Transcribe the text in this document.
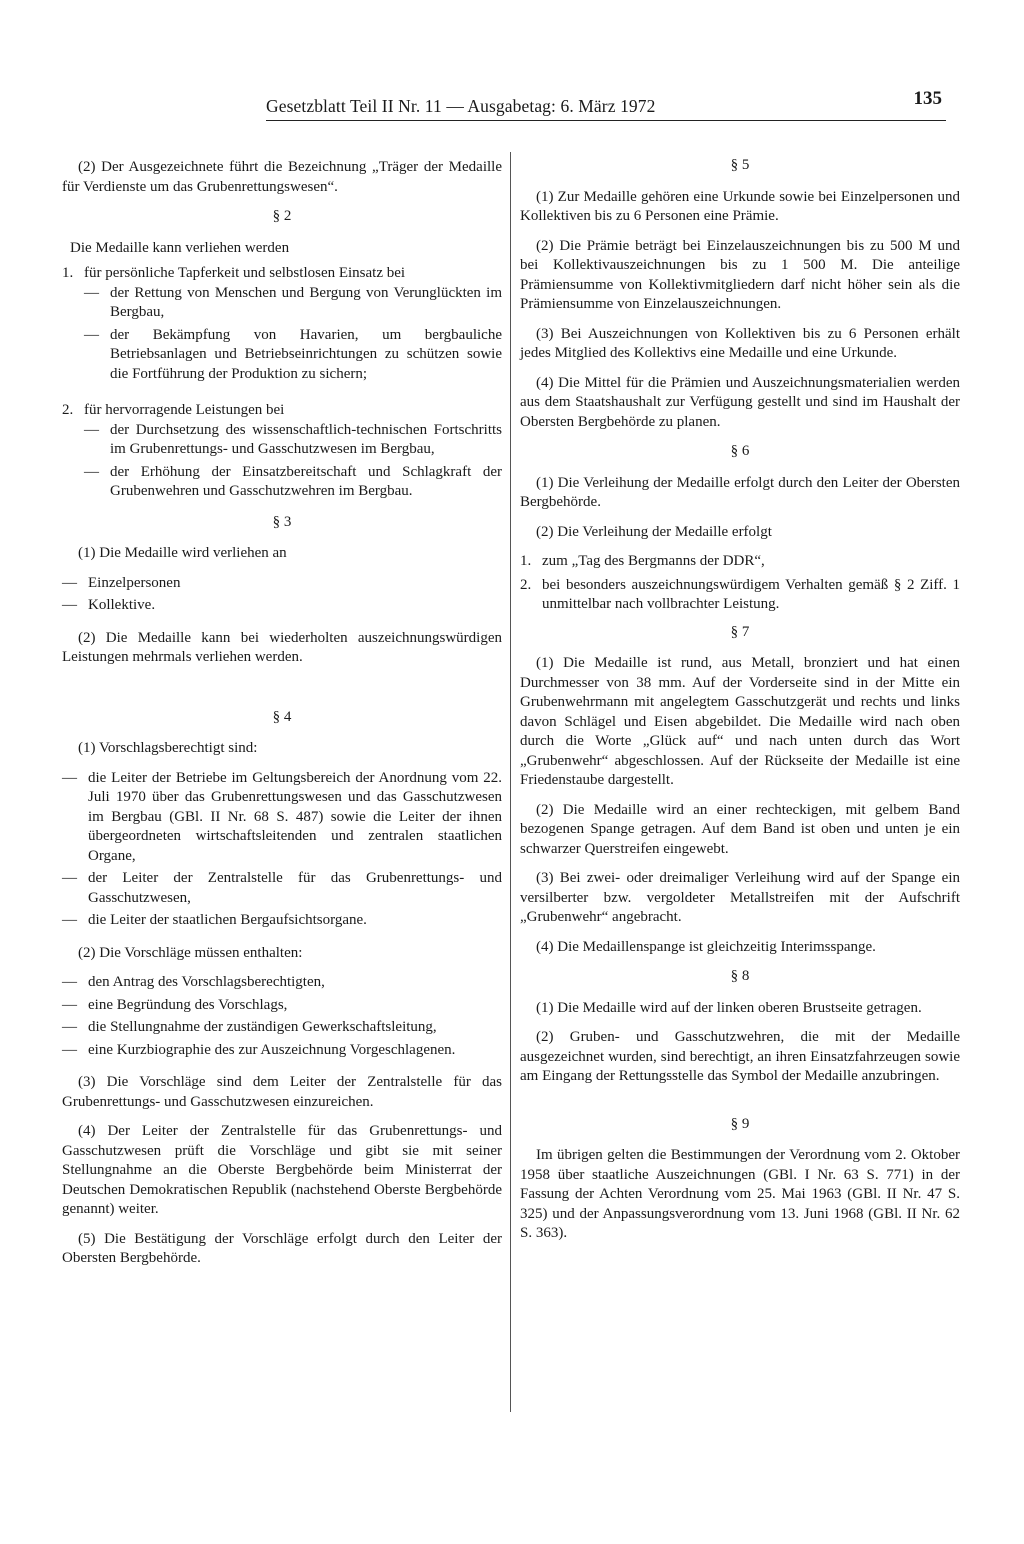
Gesetzblatt Teil II Nr. 11 — Ausgabetag: 6. März 1972	135

(2) Der Ausgezeichnete führt die Bezeichnung „Träger der Medaille für Verdienste um das Grubenrettungswesen“.

§ 2

Die Medaille kann verliehen werden

1. für persönliche Tapferkeit und selbstlosen Einsatz bei
— der Rettung von Menschen und Bergung von Verunglückten im Bergbau,
— der Bekämpfung von Havarien, um bergbauliche Betriebsanlagen und Betriebseinrichtungen zu schützen sowie die Fortführung der Produktion zu sichern;
2. für hervorragende Leistungen bei
— der Durchsetzung des wissenschaftlich-technischen Fortschritts im Grubenrettungs- und Gasschutzwesen im Bergbau,
— der Erhöhung der Einsatzbereitschaft und Schlagkraft der Grubenwehren und Gasschutzwehren im Bergbau.
§ 3

(1) Die Medaille wird verliehen an

— Einzelpersonen
— Kollektive.

(2) Die Medaille kann bei wiederholten auszeichnungswürdigen Leistungen mehrmals verliehen werden.

§ 4

(1) Vorschlagsberechtigt sind:

— die Leiter der Betriebe im Geltungsbereich der Anordnung vom 22. Juli 1970 über das Grubenrettungswesen und das Gasschutzwesen im Bergbau (GBl. II Nr. 68 S. 487) sowie die Leiter der ihnen übergeordneten wirtschaftsleitenden und zentralen staatlichen Organe,
— der Leiter der Zentralstelle für das Grubenrettungs- und Gasschutzwesen,
— die Leiter der staatlichen Bergaufsichtsorgane.

(2) Die Vorschläge müssen enthalten:

— den Antrag des Vorschlagsberechtigten,
— eine Begründung des Vorschlags,
— die Stellungnahme der zuständigen Gewerkschaftsleitung,
— eine Kurzbiographie des zur Auszeichnung Vorgeschlagenen.

(3) Die Vorschläge sind dem Leiter der Zentralstelle für das Grubenrettungs- und Gasschutzwesen einzureichen.

(4) Der Leiter der Zentralstelle für das Grubenrettungs- und Gasschutzwesen prüft die Vorschläge und gibt sie mit seiner Stellungnahme an die Oberste Bergbehörde beim Ministerrat der Deutschen Demokratischen Republik (nachstehend Oberste Bergbehörde genannt) weiter.

(5) Die Bestätigung der Vorschläge erfolgt durch den Leiter der Obersten Bergbehörde.

§ 5

(1) Zur Medaille gehören eine Urkunde sowie bei Einzelpersonen und Kollektiven bis zu 6 Personen eine Prämie.

(2) Die Prämie beträgt bei Einzelauszeichnungen bis zu 500 M und bei Kollektivauszeichnungen bis zu 1 500 M. Die anteilige Prämiensumme von Kollektivmitgliedern darf nicht höher sein als die Prämiensumme von Einzelauszeichnungen.

(3) Bei Auszeichnungen von Kollektiven bis zu 6 Personen erhält jedes Mitglied des Kollektivs eine Medaille und eine Urkunde.

(4) Die Mittel für die Prämien und Auszeichnungsmaterialien werden aus dem Staatshaushalt zur Verfügung gestellt und sind im Haushalt der Obersten Bergbehörde zu planen.

§ 6

(1) Die Verleihung der Medaille erfolgt durch den Leiter der Obersten Bergbehörde.

(2) Die Verleihung der Medaille erfolgt

1. zum „Tag des Bergmanns der DDR“,
2. bei besonders auszeichnungswürdigem Verhalten gemäß § 2 Ziff. 1 unmittelbar nach vollbrachter Leistung.
§ 7

(1) Die Medaille ist rund, aus Metall, bronziert und hat einen Durchmesser von 38 mm. Auf der Vorderseite sind in der Mitte ein Grubenwehrmann mit angelegtem Gasschutzgerät und rechts und links davon Schlägel und Eisen abgebildet. Die Medaille wird nach oben durch die Worte „Glück auf“ und nach unten durch das Wort „Grubenwehr“ abgeschlossen. Auf der Rückseite der Medaille ist eine Friedenstaube dargestellt.

(2) Die Medaille wird an einer rechteckigen, mit gelbem Band bezogenen Spange getragen. Auf dem Band ist oben und unten je ein schwarzer Querstreifen eingewebt.

(3) Bei zwei- oder dreimaliger Verleihung wird auf der Spange ein versilberter bzw. vergoldeter Metallstreifen mit der Aufschrift „Grubenwehr“ angebracht.

(4) Die Medaillenspange ist gleichzeitig Interimsspange.

§ 8

(1) Die Medaille wird auf der linken oberen Brustseite getragen.

(2) Gruben- und Gasschutzwehren, die mit der Medaille ausgezeichnet wurden, sind berechtigt, an ihren Einsatzfahrzeugen sowie am Eingang der Rettungsstelle das Symbol der Medaille anzubringen.

§ 9

Im übrigen gelten die Bestimmungen der Verordnung vom 2. Oktober 1958 über staatliche Auszeichnungen (GBl. I Nr. 63 S. 771) in der Fassung der Achten Verordnung vom 25. Mai 1963 (GBl. II Nr. 47 S. 325) und der Anpassungsverordnung vom 13. Juni 1968 (GBl. II Nr. 62 S. 363).
